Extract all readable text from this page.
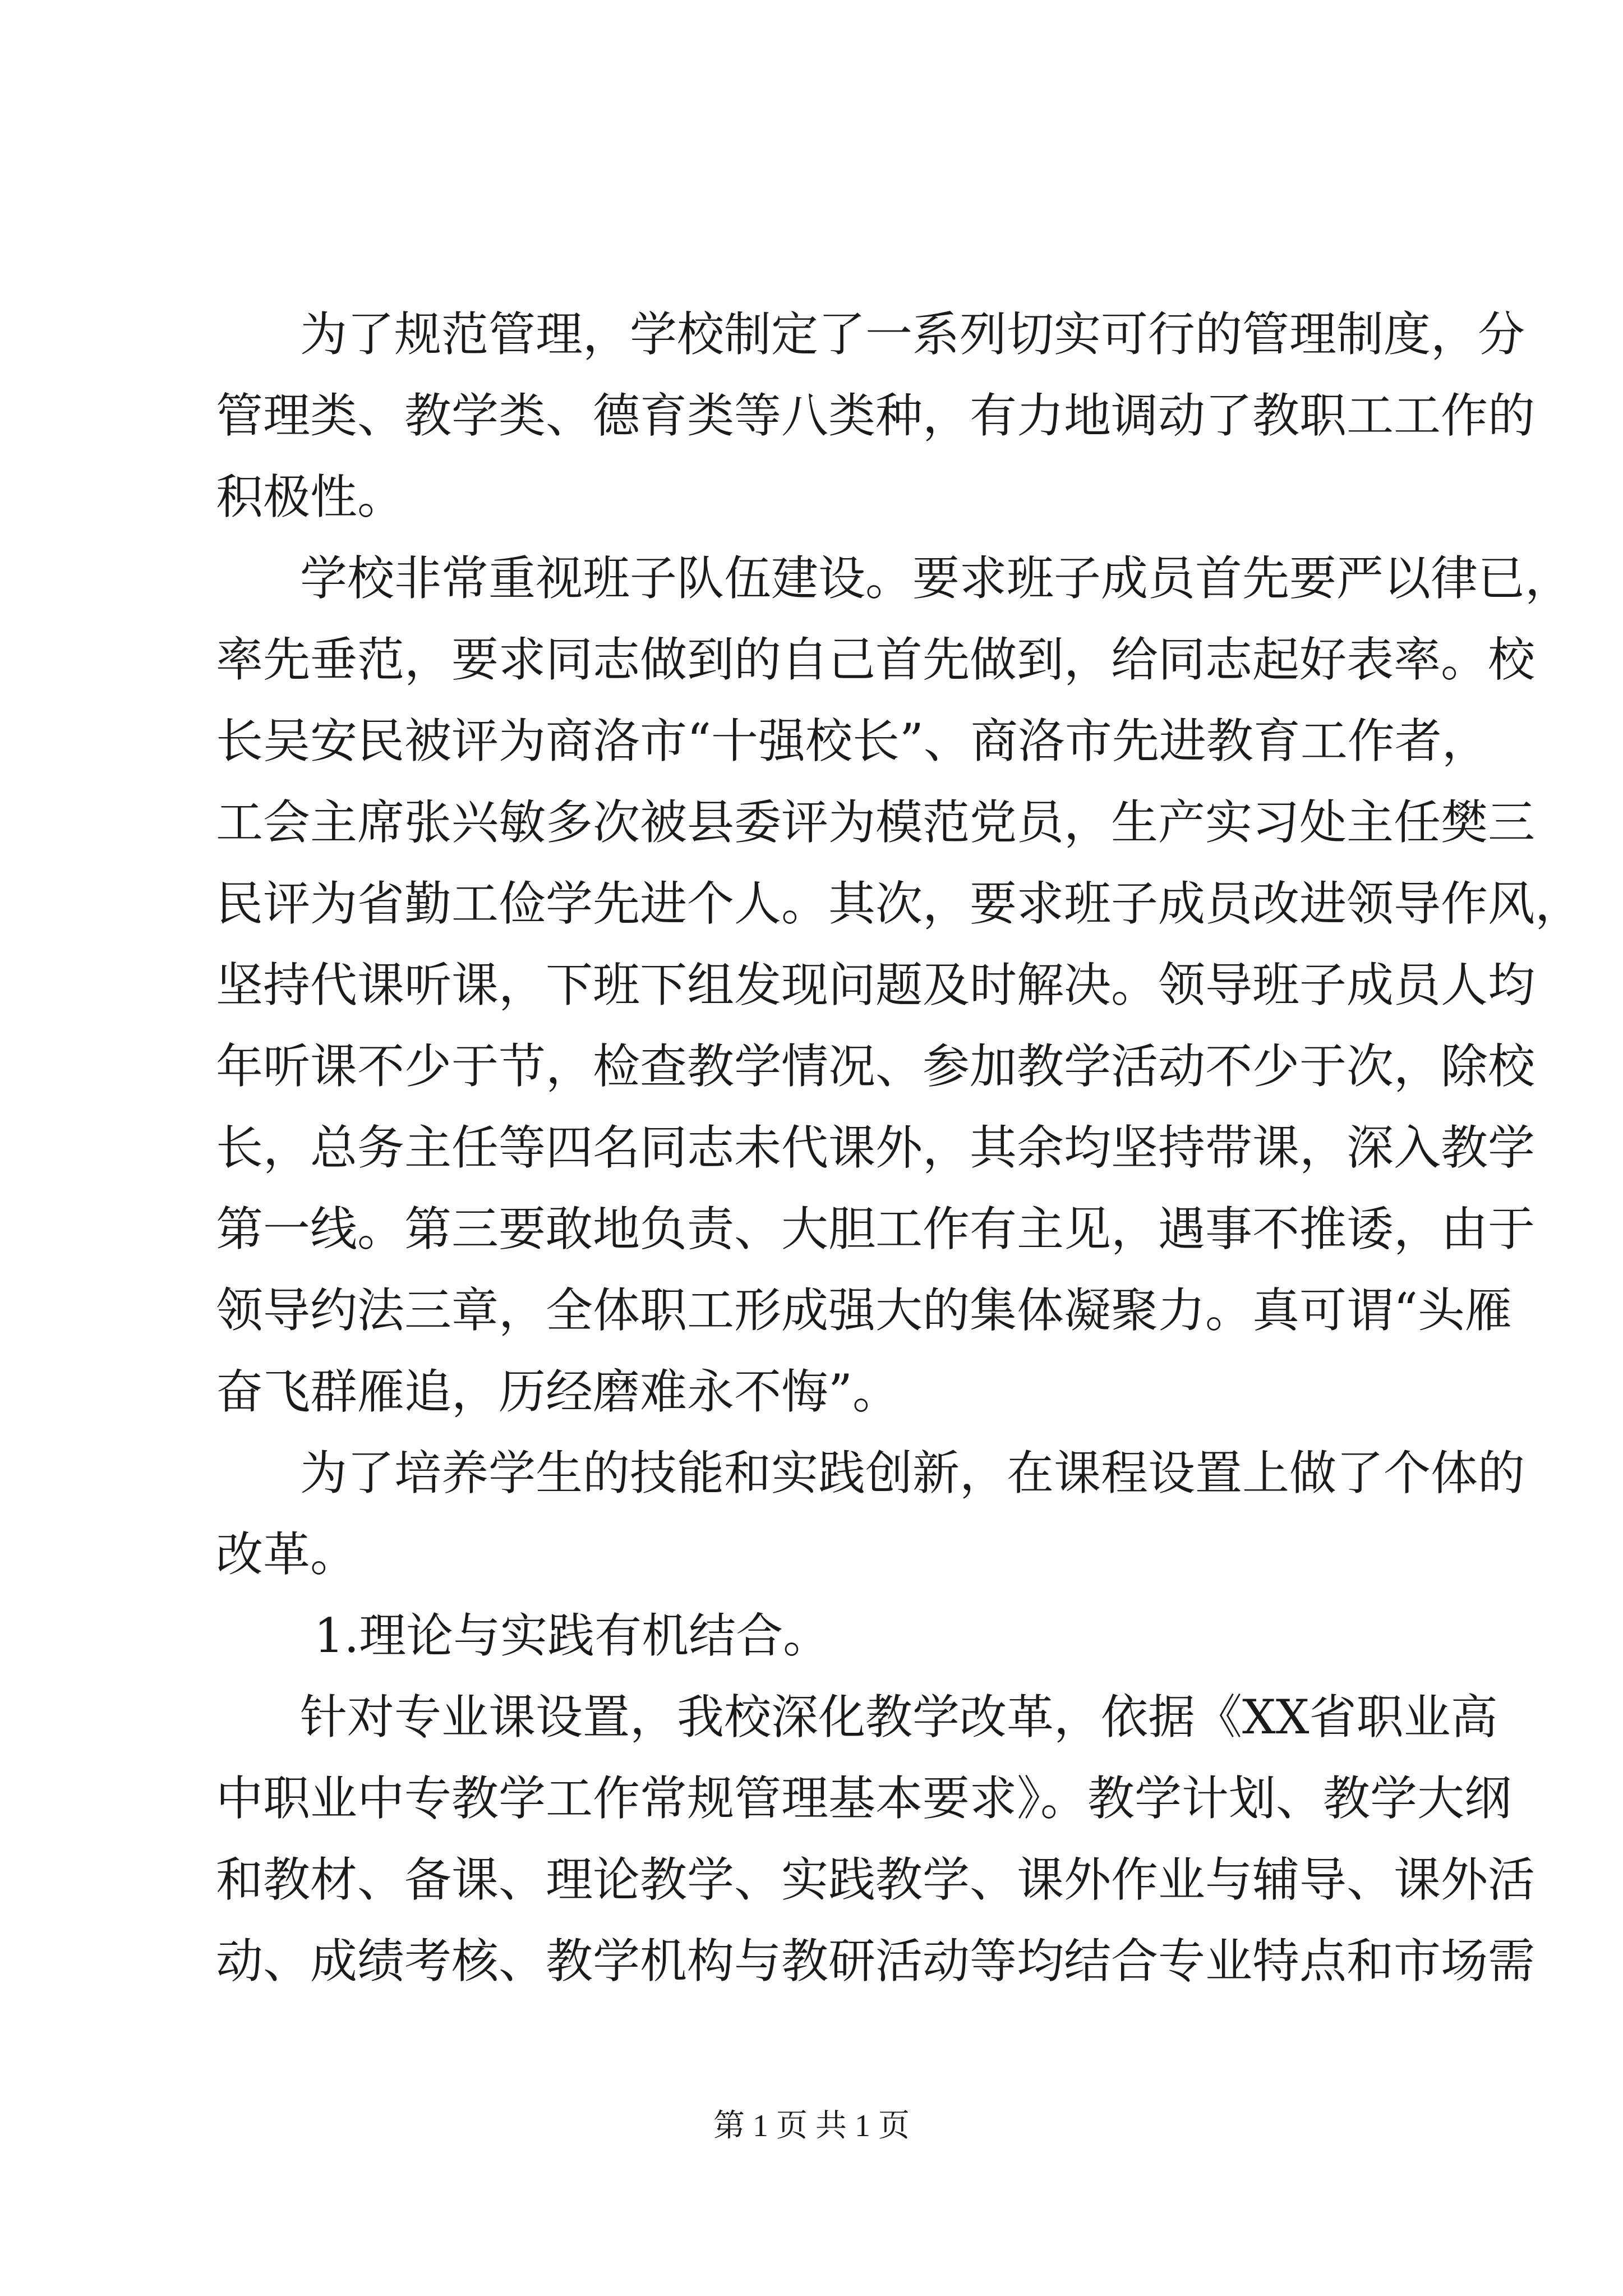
为了规范管理，学校制定了一系列切实可行的管理制度，分
管理类、教学类、德育类等八类种，有力地调动了教职工工作的
积极性。
学校非常重视班子队伍建设。要求班子成员首先要严以律已，
率先垂范，要求同志做到的自己首先做到，给同志起好表率。校
长吴安民被评为商洛市“十强校长”、商洛市先进教育工作者，
工会主席张兴敏多次被县委评为模范党员，生产实习处主任樊三
民评为省勤工俭学先进个人。其次，要求班子成员改进领导作风，
坚持代课听课，下班下组发现问题及时解决。领导班子成员人均
年听课不少于节，检查教学情况、参加教学活动不少于次，除校
长，总务主任等四名同志未代课外，其余均坚持带课，深入教学
第一线。第三要敢地负责、大胆工作有主见，遇事不推诿，由于
领导约法三章，全体职工形成强大的集体凝聚力。真可谓“头雁
奋飞群雁追，历经磨难永不悔”。
为了培养学生的技能和实践创新，在课程设置上做了个体的
改革。
1.理论与实践有机结合。
针对专业课设置，我校深化教学改革，依据《XX省职业高
中职业中专教学工作常规管理基本要求》。教学计划、教学大纲
和教材、备课、理论教学、实践教学、课外作业与辅导、课外活
动、成绩考核、教学机构与教研活动等均结合专业特点和市场需
第 1 页 共 1 页
